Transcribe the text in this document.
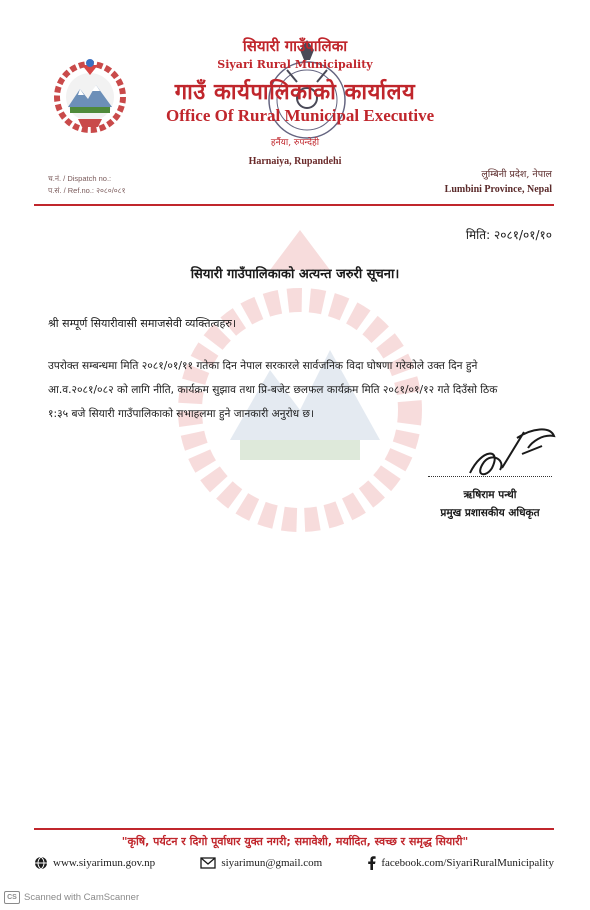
सियारी गाउँपालिका
Siyari Rural Municipality
गाउँ कार्यपालिकाको कार्यालय
Office Of Rural Municipal Executive
हर्नैया, रुपन्देही
Harnaiya, Rupandehi
च.नं. / Dispatch no.:
प.सं. / Ref.no.: २०८०/०८१
लुम्बिनी प्रदेश, नेपाल
Lumbini Province, Nepal
मिति: २०८१/०१/१०
सियारी गाउँपालिकाको अत्यन्त जरुरी सूचना।
श्री सम्पूर्ण सियारीवासी समाजसेवी व्यक्तित्वहरु।
उपरोक्त सम्बन्धमा मिति २०८१/०१/११ गतेका दिन नेपाल सरकारले सार्वजनिक विदा घोषणा गरेकोले उक्त दिन हुने
आ.व.२०८१/०८२ को लागि नीति, कार्यक्रम सुझाव तथा प्रि-बजेट छलफल कार्यक्रम मिति २०८१/०१/१२ गते दिउँसो ठिक
१:३५ बजे सियारी गाउँपालिकाको सभाहलमा हुने जानकारी अनुरोध छ।
ऋषिराम पन्थी
प्रमुख प्रशासकीय अधिकृत
"कृषि, पर्यटन र दिगो पूर्वाधार युक्त नगरी; समावेशी, मर्यादित, स्वच्छ र समृद्ध सियारी"
www.siyarimun.gov.np	siyarimun@gmail.com	facebook.com/SiyariRuralMunicipality
CS Scanned with CamScanner
